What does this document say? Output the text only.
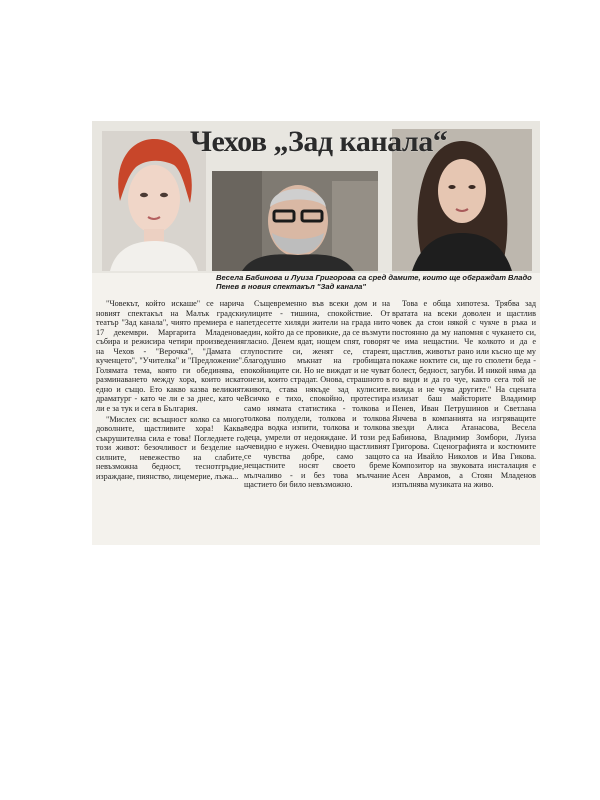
Чехов „Зад канала“
Весела Бабинова и Луиза Григорова са сред дамите, които ще обграждат Владо Пенев в новия спектакъл "Зад канала"

"Човекът, който искаше" се нарича новият спектакъл на Малък градски театър "Зад канала", чиято премиера е на 17 декември. Маргарита Младенова събира и режисира четири произведения на Чехов - "Верочка", "Дамата с кученцето", "Учителка" и "Предложение". Голямата тема, която ги обединява, е разминаването между хора, които искат едно и също. Ето какво казва великият драматург - като че ли е за днес, като че ли е за тук и сега в България.

"Мислех си: всъщност колко са много доволните, щастливите хора! Каква съкрушителна сила е това! Погледнете го този живот: безочливост и безделие на силните, невежество на слабите, невъзможна бедност, теснотгръдие, израждане, пиянство, лицемерие, лъжа...

Същевременно във всеки дом и на улиците - тишина, спокойствие. От петдесетте хиляди жители на града нито един, който да се провикне, да се възмути гласно. Денем ядат, нощем спят, говорят глупостите си, женят се, стареят, благодушно мъкнат на гробищата покойниците си. Но не виждат и не чуват онези, които страдат. Онова, страшното в живота, става някъде зад кулисите. Всичко е тихо, спокойно, протестира само нямата статистика - толкова и толкова полудели, толкова и толкова ведра водка изпити, толкова и толкова деца, умрели от недояждане. И този ред очевидно е нужен. Очевидно щастливият се чувства добре, само защото нещастните носят своето бреме мълчаливо - и без това мълчание щастието би било невъзможно.

Това е обща хипотеза. Трябва зад вратата на всеки доволен и щастлив човек да стои някой с чукче в ръка и постоянно да му напомня с чукането си, че има нещастни. Че колкото и да е щастлив, животът рано или късно ще му покаже ноктите си, ще го сполети беда - болест, бедност, загуби. И никой няма да го види и да го чуе, както сега той не вижда и не чува другите." На сцената излизат баш майсторите Владимир Пенев, Иван Петрушинов и Светлана Янчева в компанията на изгряващите звезди Алиса Атанасова, Весела Бабинова, Владимир Зомбори, Луиза Григорова. Сценографията и костюмите са на Ивайло Николов и Ива Гикова. Композитор на звуковата инсталация е Асен Аврамов, а Стоян Младенов изпълнява музиката на живо.
